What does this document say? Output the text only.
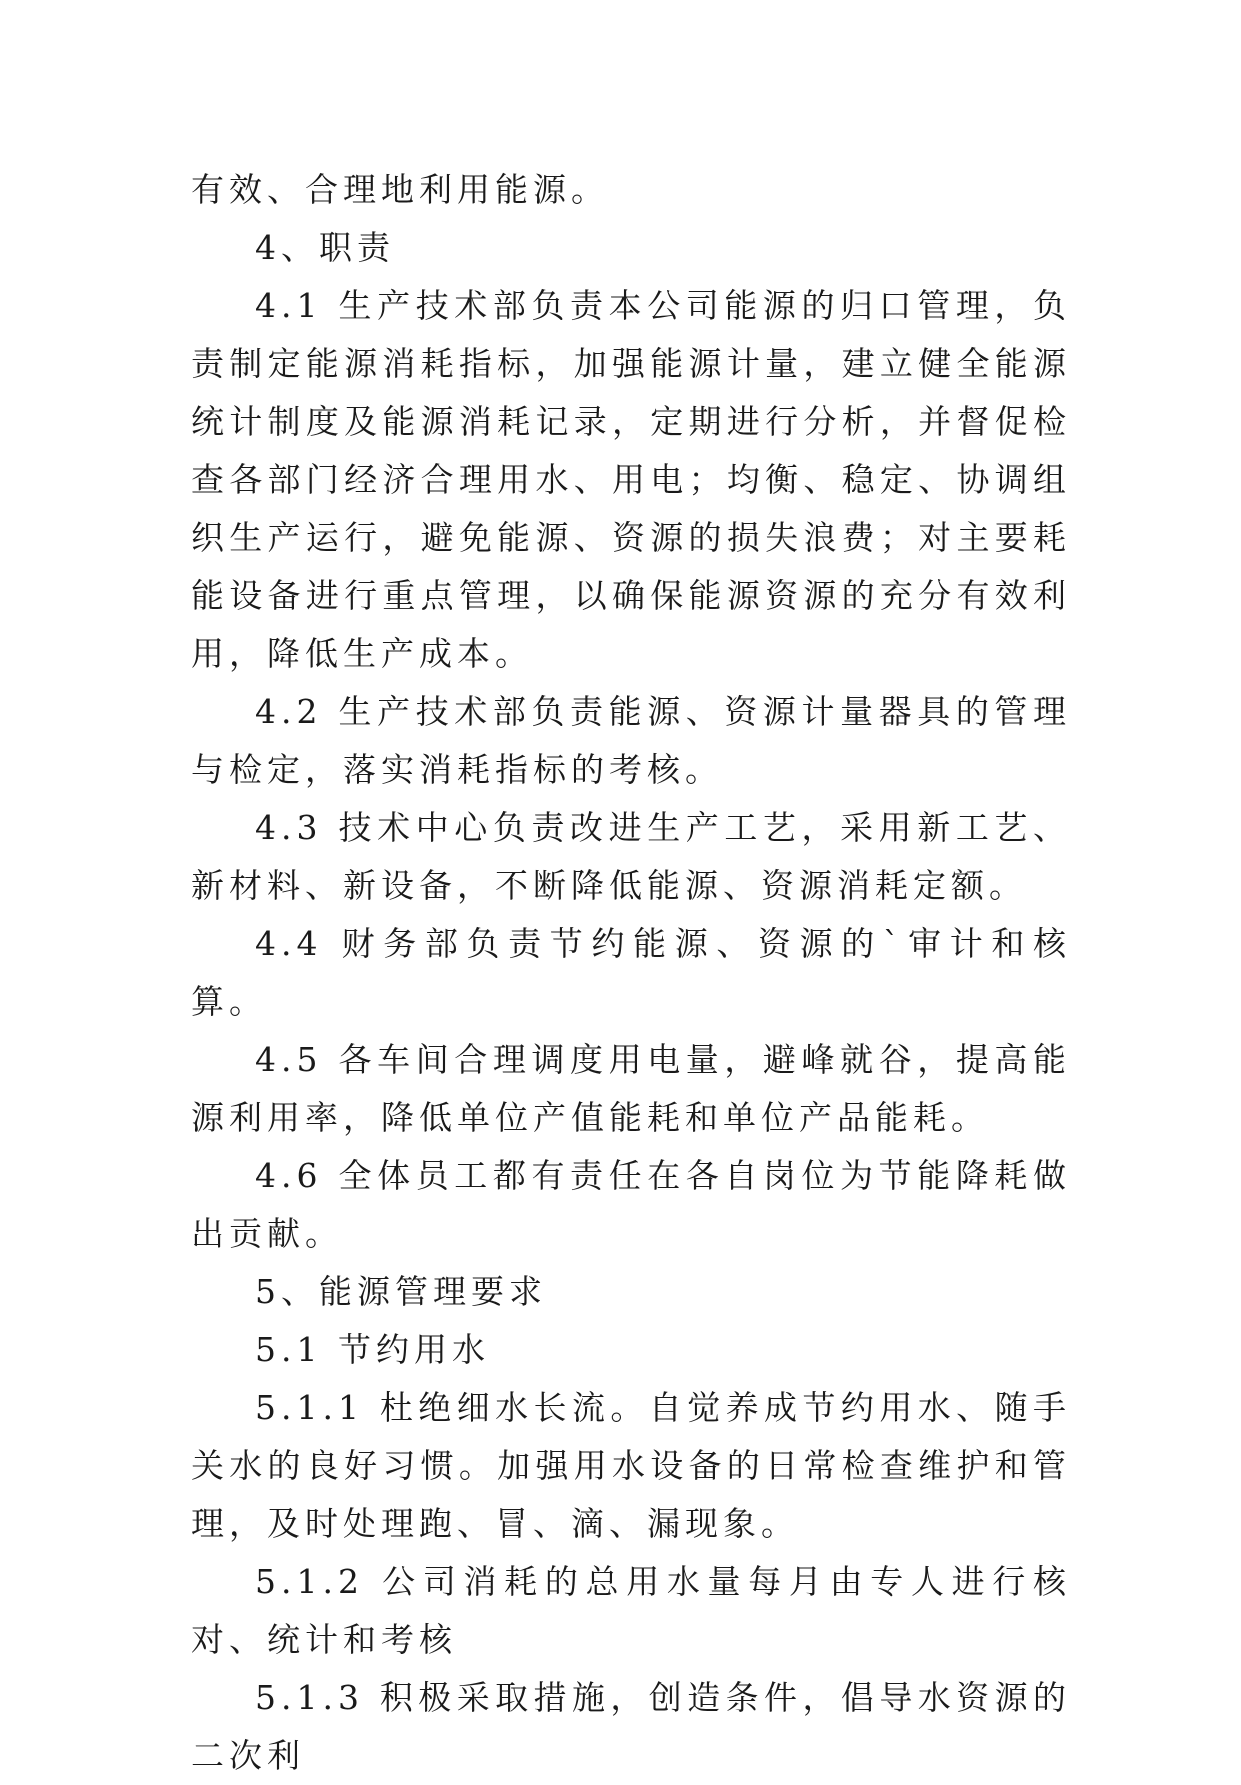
有效、合理地利用能源。

4、职责

4.1 生产技术部负责本公司能源的归口管理，负责制定能源消耗指标，加强能源计量，建立健全能源统计制度及能源消耗记录，定期进行分析，并督促检查各部门经济合理用水、用电；均衡、稳定、协调组织生产运行，避免能源、资源的损失浪费；对主要耗能设备进行重点管理，以确保能源资源的充分有效利用，降低生产成本。

4.2 生产技术部负责能源、资源计量器具的管理与检定，落实消耗指标的考核。

4.3 技术中心负责改进生产工艺，采用新工艺、新材料、新设备，不断降低能源、资源消耗定额。

4.4 财务部负责节约能源、资源的`审计和核算。

4.5 各车间合理调度用电量，避峰就谷，提高能源利用率，降低单位产值能耗和单位产品能耗。

4.6 全体员工都有责任在各自岗位为节能降耗做出贡献。

5、能源管理要求

5.1 节约用水

5.1.1 杜绝细水长流。自觉养成节约用水、随手关水的良好习惯。加强用水设备的日常检查维护和管理，及时处理跑、冒、滴、漏现象。

5.1.2 公司消耗的总用水量每月由专人进行核对、统计和考核

5.1.3 积极采取措施，创造条件，倡导水资源的二次利
